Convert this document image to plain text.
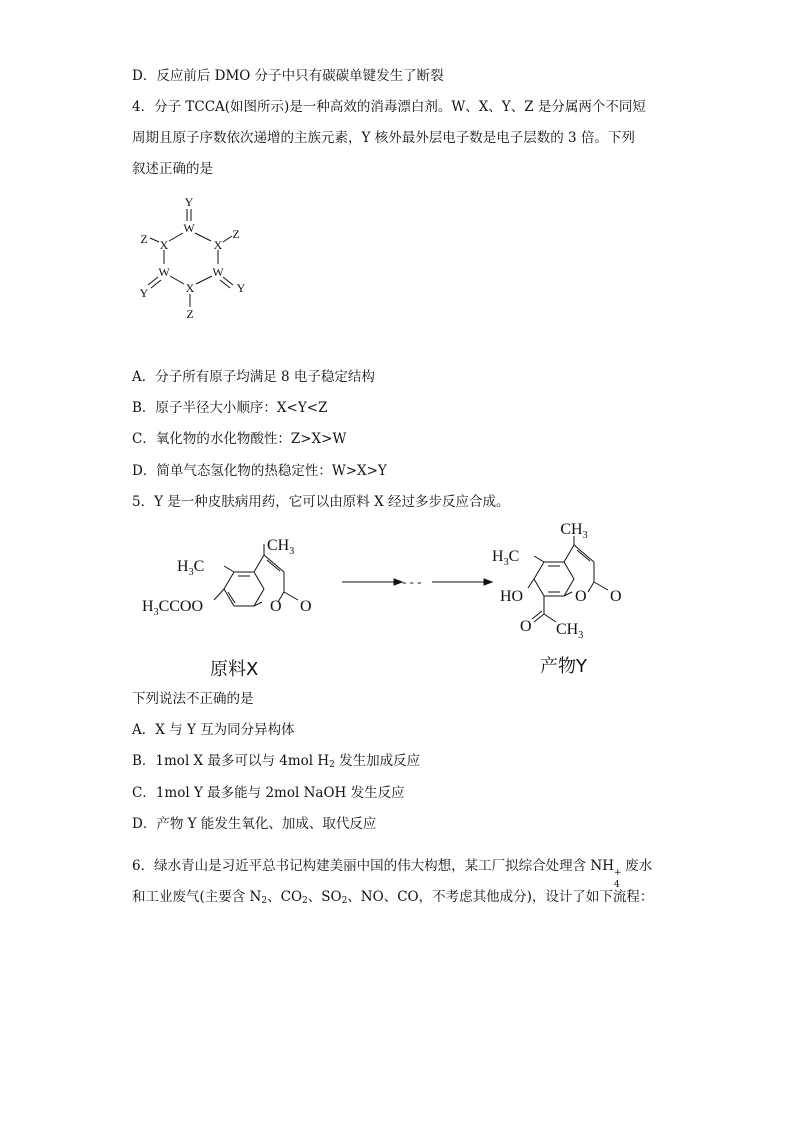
D．反应前后 DMO 分子中只有碳碳单键发生了断裂
4．分子 TCCA(如图所示)是一种高效的消毒漂白剂。W、X、Y、Z 是分属两个不同短
周期且原子序数依次递增的主族元素，Y 核外最外层电子数是电子层数的 3 倍。下列
叙述正确的是
Y
W
X	X
Z	Z
W	W
Y	Y
X
Z
A．分子所有原子均满足 8 电子稳定结构
B．原子半径大小顺序：X<Y<Z
C．氧化物的水化物酸性：Z>X>W
D．简单气态氢化物的热稳定性：W>X>Y
5．Y 是一种皮肤病用药，它可以由原料 X 经过多步反应合成。
$CH_3$
$H_3C$
O O
$H_3CCOO$
- - -
$CH_3$
$H_3C$
HO	O O
O $CH_3$
原料X	产物Y
下列说法不正确的是
A．X 与 Y 互为同分异构体
B．1mol X 最多可以与 4mol $H_2$ 发生加成反应
C．1mol Y 最多能与 2mol NaOH 发生反应
D．产物 Y 能发生氧化、加成、取代反应
6．绿水青山是习近平总书记构建美丽中国的伟大构想，某工厂拟综合处理含 NH +
4
废水
和工业废气(主要含 $N_2$、$CO_2$、$SO_2$、NO、CO，不考虑其他成分)，设计了如下流程：
